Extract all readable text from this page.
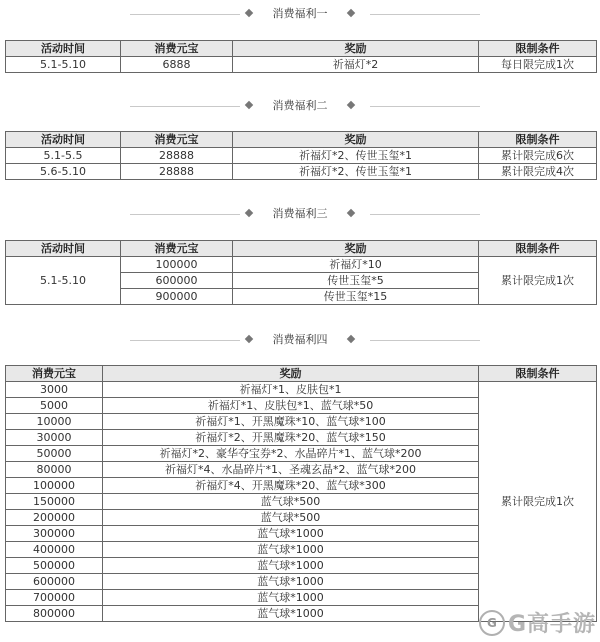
消费福利一
活动时间	消费元宝	奖励	限制条件
5.1-5.10	6888	祈福灯*2	每日限完成1次
消费福利二
活动时间	消费元宝	奖励	限制条件
5.1-5.5	28888	祈福灯*2、传世玉玺*1	累计限完成6次
5.6-5.10	28888	祈福灯*2、传世玉玺*1	累计限完成4次
消费福利三
活动时间	消费元宝	奖励	限制条件
5.1-5.10	100000	祈福灯*10	累计限完成1次
	600000	传世玉玺*5	
	900000	传世玉玺*15	
消费福利四
消费元宝	奖励	限制条件
3000	祈福灯*1、皮肤包*1	累计限完成1次
5000	祈福灯*1、皮肤包*1、蓝气球*50	
10000	祈福灯*1、开黑魔珠*10、蓝气球*100	
30000	祈福灯*2、开黑魔珠*20、蓝气球*150	
50000	祈福灯*2、豪华夺宝券*2、水晶碎片*1、蓝气球*200	
80000	祈福灯*4、水晶碎片*1、圣魂玄晶*2、蓝气球*200	
100000	祈福灯*4、开黑魔珠*20、蓝气球*300	
150000	蓝气球*500	
200000	蓝气球*500	
300000	蓝气球*1000	
400000	蓝气球*1000	
500000	蓝气球*1000	
600000	蓝气球*1000	
700000	蓝气球*1000	
800000	蓝气球*1000	
G G高手游
